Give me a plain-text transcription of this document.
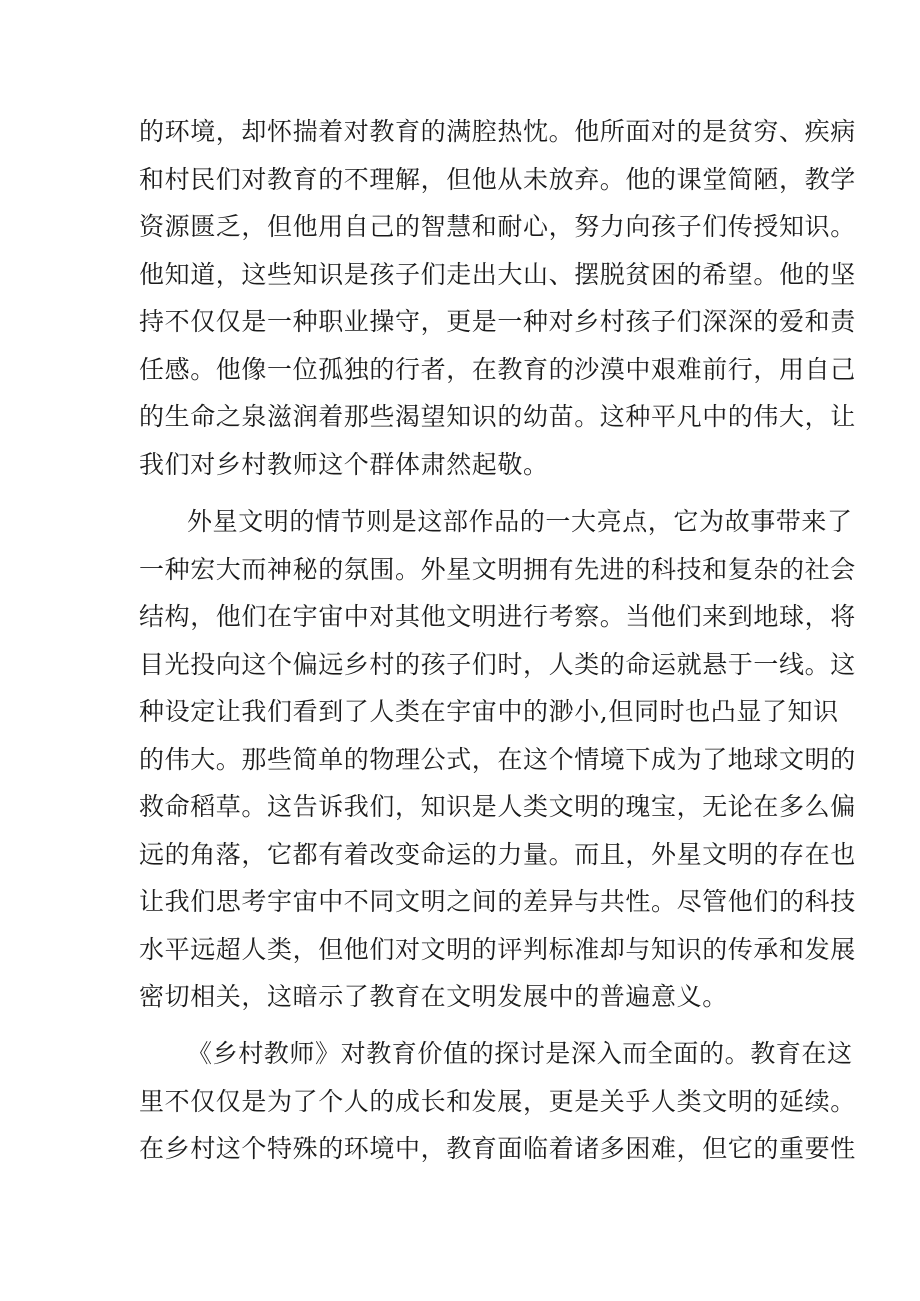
的环境，却怀揣着对教育的满腔热忱。他所面对的是贫穷、疾病
和村民们对教育的不理解，但他从未放弃。他的课堂简陋，教学
资源匮乏，但他用自己的智慧和耐心，努力向孩子们传授知识。
他知道，这些知识是孩子们走出大山、摆脱贫困的希望。他的坚
持不仅仅是一种职业操守，更是一种对乡村孩子们深深的爱和责
任感。他像一位孤独的行者，在教育的沙漠中艰难前行，用自己
的生命之泉滋润着那些渴望知识的幼苗。这种平凡中的伟大，让
我们对乡村教师这个群体肃然起敬。
外星文明的情节则是这部作品的一大亮点，它为故事带来了
一种宏大而神秘的氛围。外星文明拥有先进的科技和复杂的社会
结构，他们在宇宙中对其他文明进行考察。当他们来到地球，将
目光投向这个偏远乡村的孩子们时，人类的命运就悬于一线。这
种设定让我们看到了人类在宇宙中的渺小,但同时也凸显了知识
的伟大。那些简单的物理公式，在这个情境下成为了地球文明的
救命稻草。这告诉我们，知识是人类文明的瑰宝，无论在多么偏
远的角落，它都有着改变命运的力量。而且，外星文明的存在也
让我们思考宇宙中不同文明之间的差异与共性。尽管他们的科技
水平远超人类，但他们对文明的评判标准却与知识的传承和发展
密切相关，这暗示了教育在文明发展中的普遍意义。
《乡村教师》对教育价值的探讨是深入而全面的。教育在这
里不仅仅是为了个人的成长和发展，更是关乎人类文明的延续。
在乡村这个特殊的环境中，教育面临着诸多困难，但它的重要性
